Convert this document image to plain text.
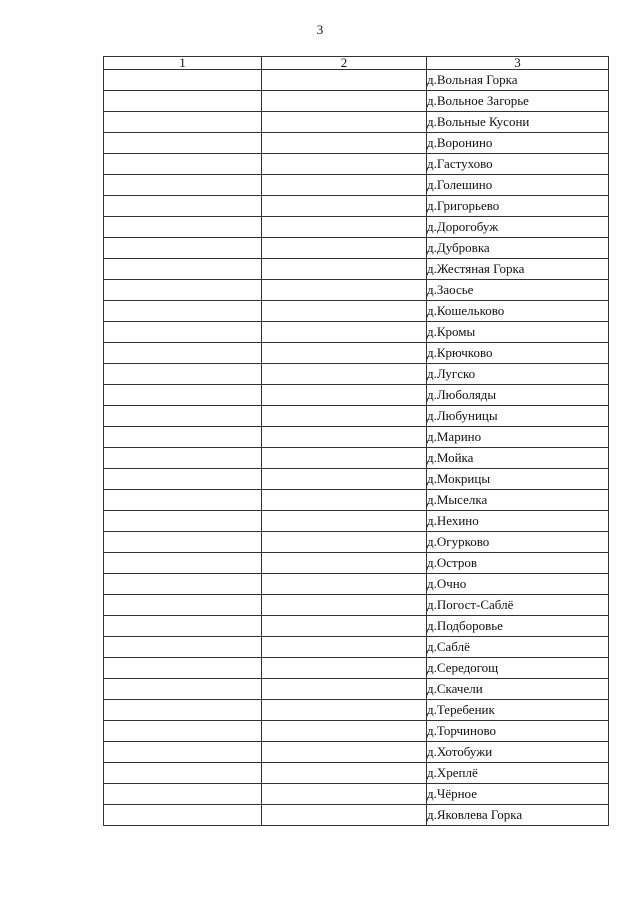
3
1	2	3
		д.Вольная Горка
		д.Вольное Загорье
		д.Вольные Кусони
		д.Воронино
		д.Гастухово
		д.Голешино
		д.Григорьево
		д.Дорогобуж
		д.Дубровка
		д.Жестяная Горка
		д.Заосье
		д.Кошельково
		д.Кромы
		д.Крючково
		д.Лугско
		д.Люболяды
		д.Любуницы
		д.Марино
		д.Мойка
		д.Мокрицы
		д.Мыселка
		д.Нехино
		д.Огурково
		д.Остров
		д.Очно
		д.Погост-Саблё
		д.Подборовье
		д.Саблё
		д.Середогощ
		д.Скачели
		д.Теребеник
		д.Торчиново
		д.Хотобужи
		д.Хреплё
		д.Чёрное
		д.Яковлева Горка
